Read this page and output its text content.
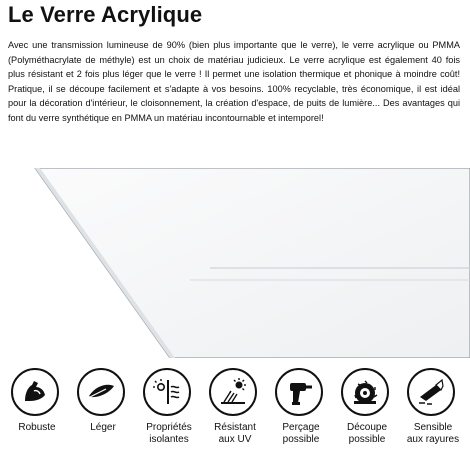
Le Verre Acrylique

Avec une transmission lumineuse de 90% (bien plus importante que le verre), le verre acrylique ou PMMA (Polyméthacrylate de méthyle) est un choix de matériau judicieux. Le verre acrylique est également 40 fois plus résistant et 2 fois plus léger que le verre ! Il permet une isolation thermique et phonique à moindre coût! Pratique, il se découpe facilement et s'adapte à vos besoins. 100% recyclable, très économique, il est idéal pour la décoration d'intérieur, le cloisonnement, la création d'espace, de puits de lumière... Des avantages qui font du verre synthétique en PMMA un matériau incontournable et intemporel!

Robuste	Léger	Propriétés
isolantes
Résistant
aux UV
Perçage
possible
Découpe
possible
Sensible
aux rayures
